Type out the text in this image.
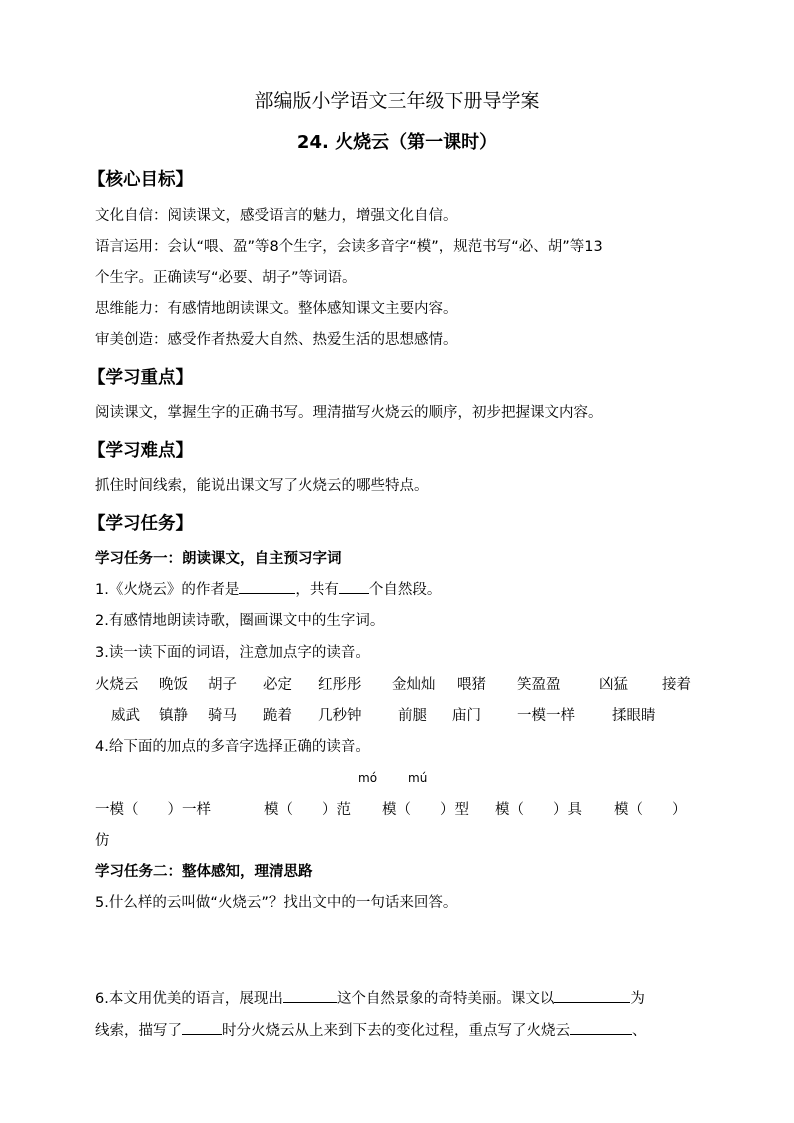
部编版小学语文三年级下册导学案
24. 火烧云（第一课时）
【核心目标】
文化自信：阅读课文，感受语言的魅力，增强文化自信。
语言运用：会认“喂、盈”等8个生字，会读多音字“模”，规范书写“必、胡”等13
个生字。正确读写“必要、胡子”等词语。
思维能力：有感情地朗读课文。整体感知课文主要内容。
审美创造：感受作者热爱大自然、热爱生活的思想感情。
【学习重点】
阅读课文，掌握生字的正确书写。理清描写火烧云的顺序，初步把握课文内容。
【学习难点】
抓住时间线索，能说出课文写了火烧云的哪些特点。
【学习任务】
学习任务一：朗读课文，自主预习字词
1.《火烧云》的作者是	，共有 个自然段。
2.有感情地朗读诗歌，圈画课文中的生字词。
3.读一读下面的词语，注意加点字的读音。
火烧云 晚饭 胡子 必定 红彤彤 金灿灿 喂猪 笑盈盈	凶猛 接着
威武 镇静 骑马 跪着 几秒钟	前腿 庙门 一模一样	揉眼睛
4.给下面的加点的多音字选择正确的读音。
mó	mú
一模（　　）一样	模（　　）范 模（　　）型 模（　　）具 模（　　）
仿
学习任务二：整体感知，理清思路
5.什么样的云叫做“火烧云”？找出文中的一句话来回答。
6.本文用优美的语言，展现出	这个自然景象的奇特美丽。课文以	为
线索，描写了	时分火烧云从上来到下去的变化过程，重点写了火烧云	、
